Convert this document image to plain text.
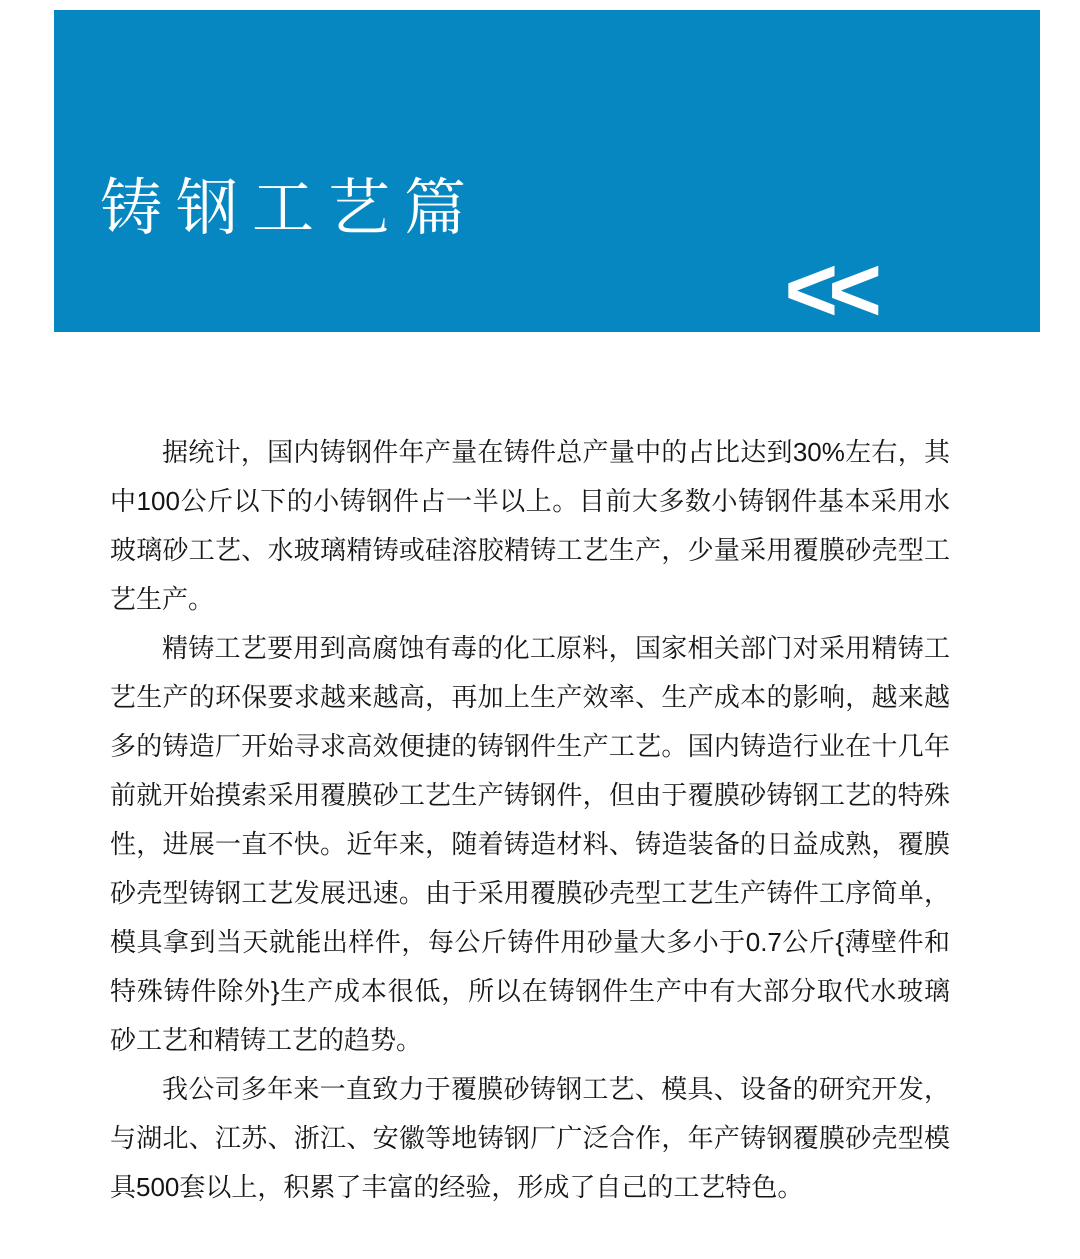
铸钢工艺篇
<<

据统计，国内铸钢件年产量在铸件总产量中的占比达到30%左右，其中100公斤以下的小铸钢件占一半以上。目前大多数小铸钢件基本采用水玻璃砂工艺、水玻璃精铸或硅溶胶精铸工艺生产，少量采用覆膜砂壳型工艺生产。

精铸工艺要用到高腐蚀有毒的化工原料，国家相关部门对采用精铸工艺生产的环保要求越来越高，再加上生产效率、生产成本的影响，越来越多的铸造厂开始寻求高效便捷的铸钢件生产工艺。国内铸造行业在十几年前就开始摸索采用覆膜砂工艺生产铸钢件，但由于覆膜砂铸钢工艺的特殊性，进展一直不快。近年来，随着铸造材料、铸造装备的日益成熟，覆膜砂壳型铸钢工艺发展迅速。由于采用覆膜砂壳型工艺生产铸件工序简单，模具拿到当天就能出样件，每公斤铸件用砂量大多小于0.7公斤{薄壁件和特殊铸件除外}生产成本很低，所以在铸钢件生产中有大部分取代水玻璃砂工艺和精铸工艺的趋势。

我公司多年来一直致力于覆膜砂铸钢工艺、模具、设备的研究开发，与湖北、江苏、浙江、安徽等地铸钢厂广泛合作，年产铸钢覆膜砂壳型模具500套以上，积累了丰富的经验，形成了自己的工艺特色。
